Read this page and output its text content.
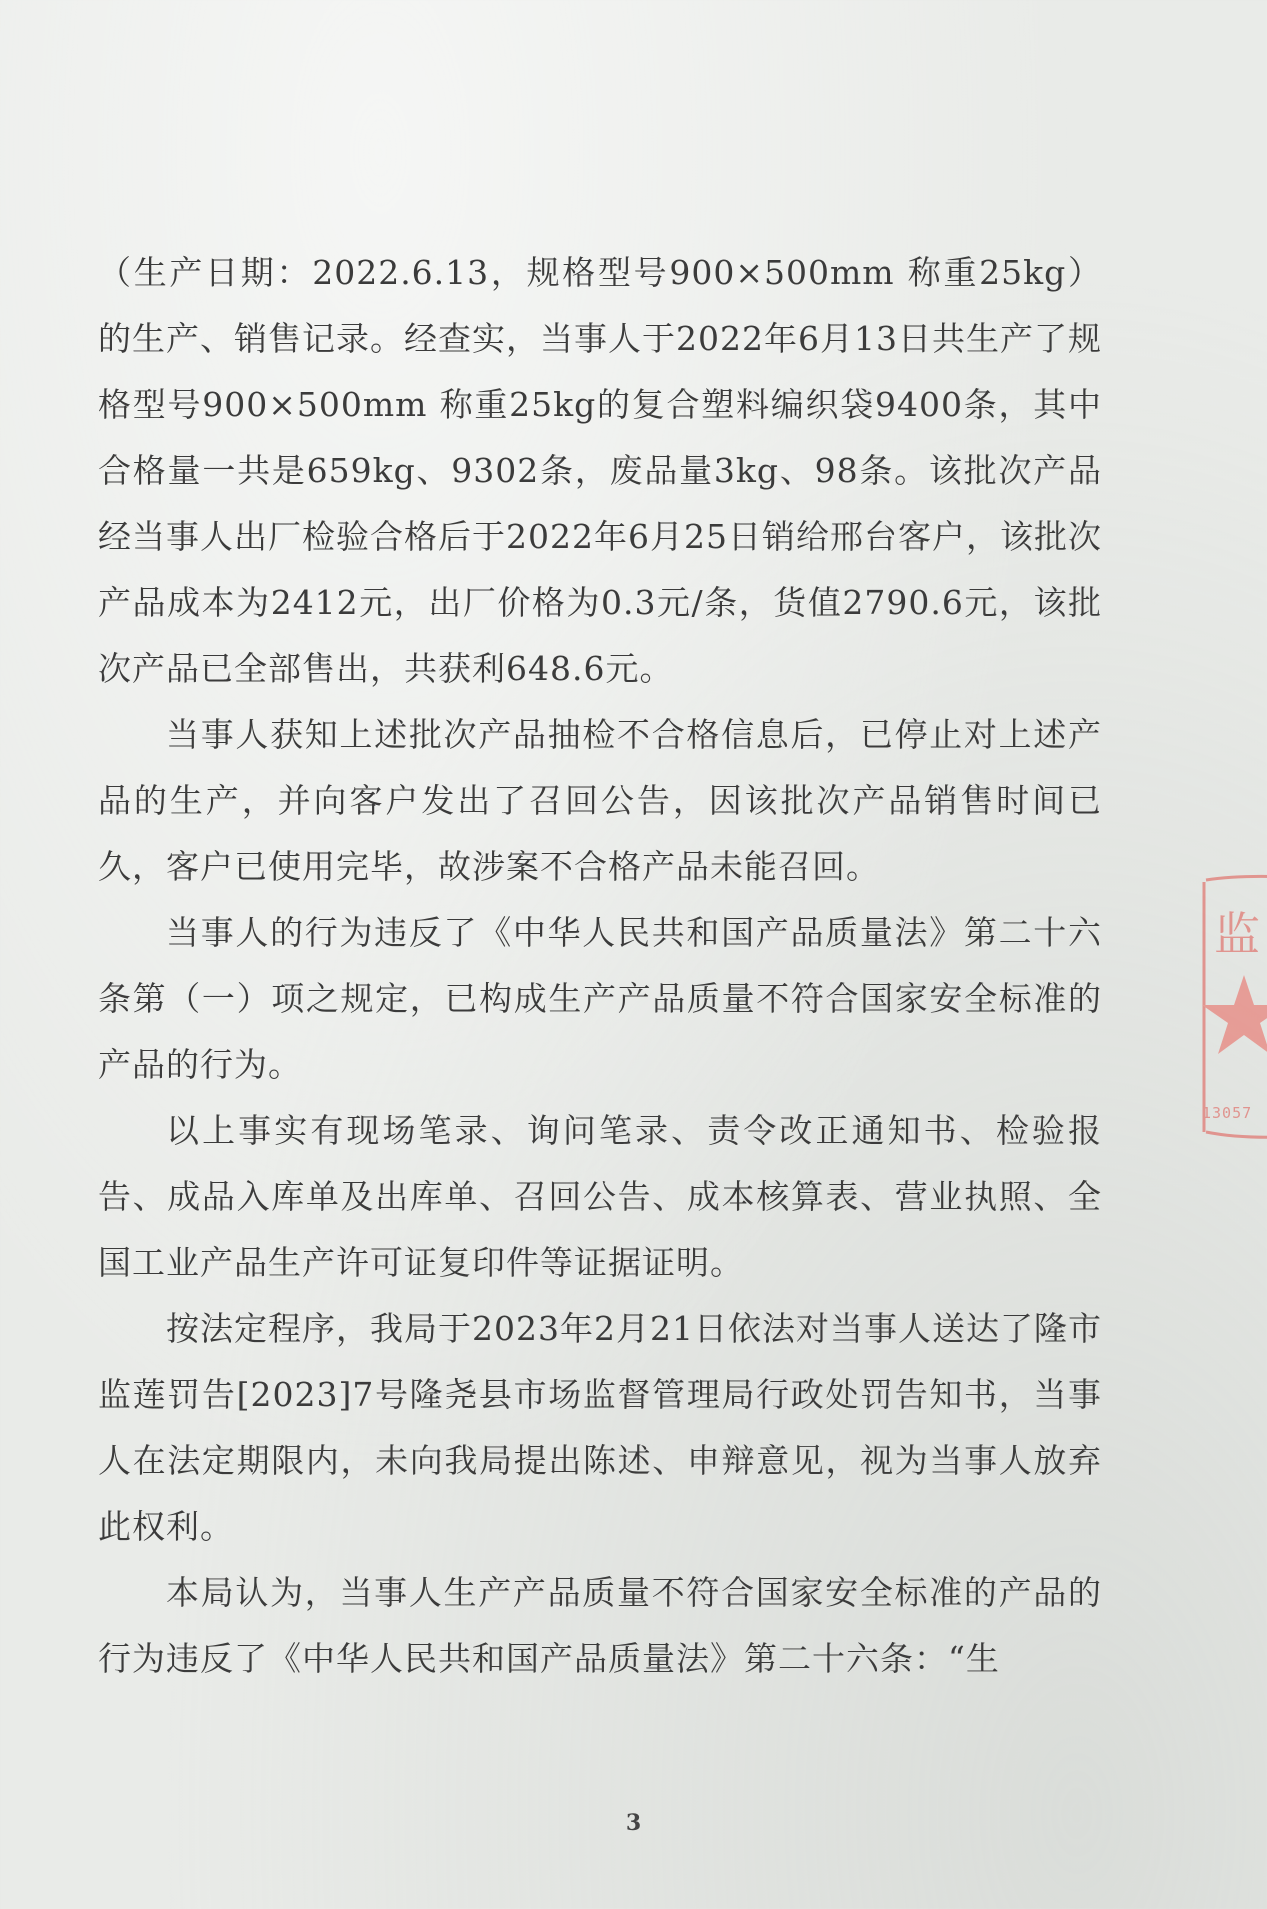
（生产日期：2022.6.13，规格型号900×500mm 称重25kg）的生产、销售记录。经查实，当事人于2022年6月13日共生产了规格型号900×500mm 称重25kg的复合塑料编织袋9400条，其中合格量一共是659kg、9302条，废品量3kg、98条。该批次产品经当事人出厂检验合格后于2022年6月25日销给邢台客户，该批次产品成本为2412元，出厂价格为0.3元/条，货值2790.6元，该批次产品已全部售出，共获利648.6元。

当事人获知上述批次产品抽检不合格信息后，已停止对上述产品的生产，并向客户发出了召回公告，因该批次产品销售时间已久，客户已使用完毕，故涉案不合格产品未能召回。

当事人的行为违反了《中华人民共和国产品质量法》第二十六条第（一）项之规定，已构成生产产品质量不符合国家安全标准的产品的行为。

以上事实有现场笔录、询问笔录、责令改正通知书、检验报告、成品入库单及出库单、召回公告、成本核算表、营业执照、全国工业产品生产许可证复印件等证据证明。

按法定程序，我局于2023年2月21日依法对当事人送达了隆市监莲罚告[2023]7号隆尧县市场监督管理局行政处罚告知书，当事人在法定期限内，未向我局提出陈述、申辩意见，视为当事人放弃此权利。

本局认为，当事人生产产品质量不符合国家安全标准的产品的行为违反了《中华人民共和国产品质量法》第二十六条：“生

监
13057
3
